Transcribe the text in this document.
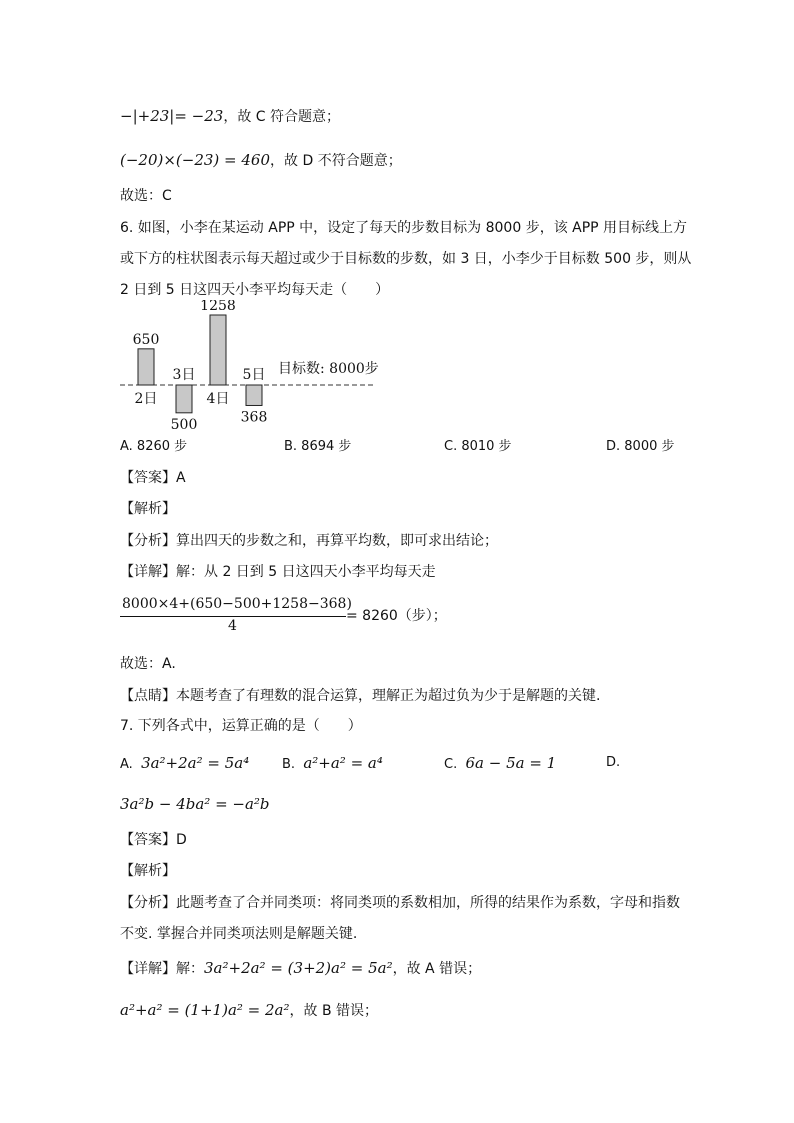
−|+23|= −23，故 C 符合题意；
(−20)×(−23) = 460，故 D 不符合题意；
故选：C
6. 如图，小李在某运动 APP 中，设定了每天的步数目标为 8000 步，该 APP 用目标线上方
或下方的柱状图表示每天超过或少于目标数的步数，如 3 日，小李少于目标数 500 步，则从
2 日到 5 日这四天小李平均每天走（　　）
650
2日
500
3日
1258
4日
368
5日 目标数: 8000步
A. 8260 步	B. 8694 步	C. 8010 步	D. 8000 步
【答案】A
【解析】
【分析】算出四天的步数之和，再算平均数，即可求出结论；
【详解】解：从 2 日到 5 日这四天小李平均每天走
8000×4+(650−500+1258−368)
4
= 8260（步）；
故选：A.
【点睛】本题考查了有理数的混合运算，理解正为超过负为少于是解题的关键.
7. 下列各式中，运算正确的是（　　）
A. 3a²+2a² = 5a⁴	B. a²+a² = a⁴	C. 6a − 5a = 1	D.
3a²b − 4ba² = −a²b
【答案】D
【解析】
【分析】此题考查了合并同类项：将同类项的系数相加，所得的结果作为系数，字母和指数
不变. 掌握合并同类项法则是解题关键.
【详解】解：3a²+2a² = (3+2)a² = 5a²，故 A 错误；
a²+a² = (1+1)a² = 2a²，故 B 错误；
